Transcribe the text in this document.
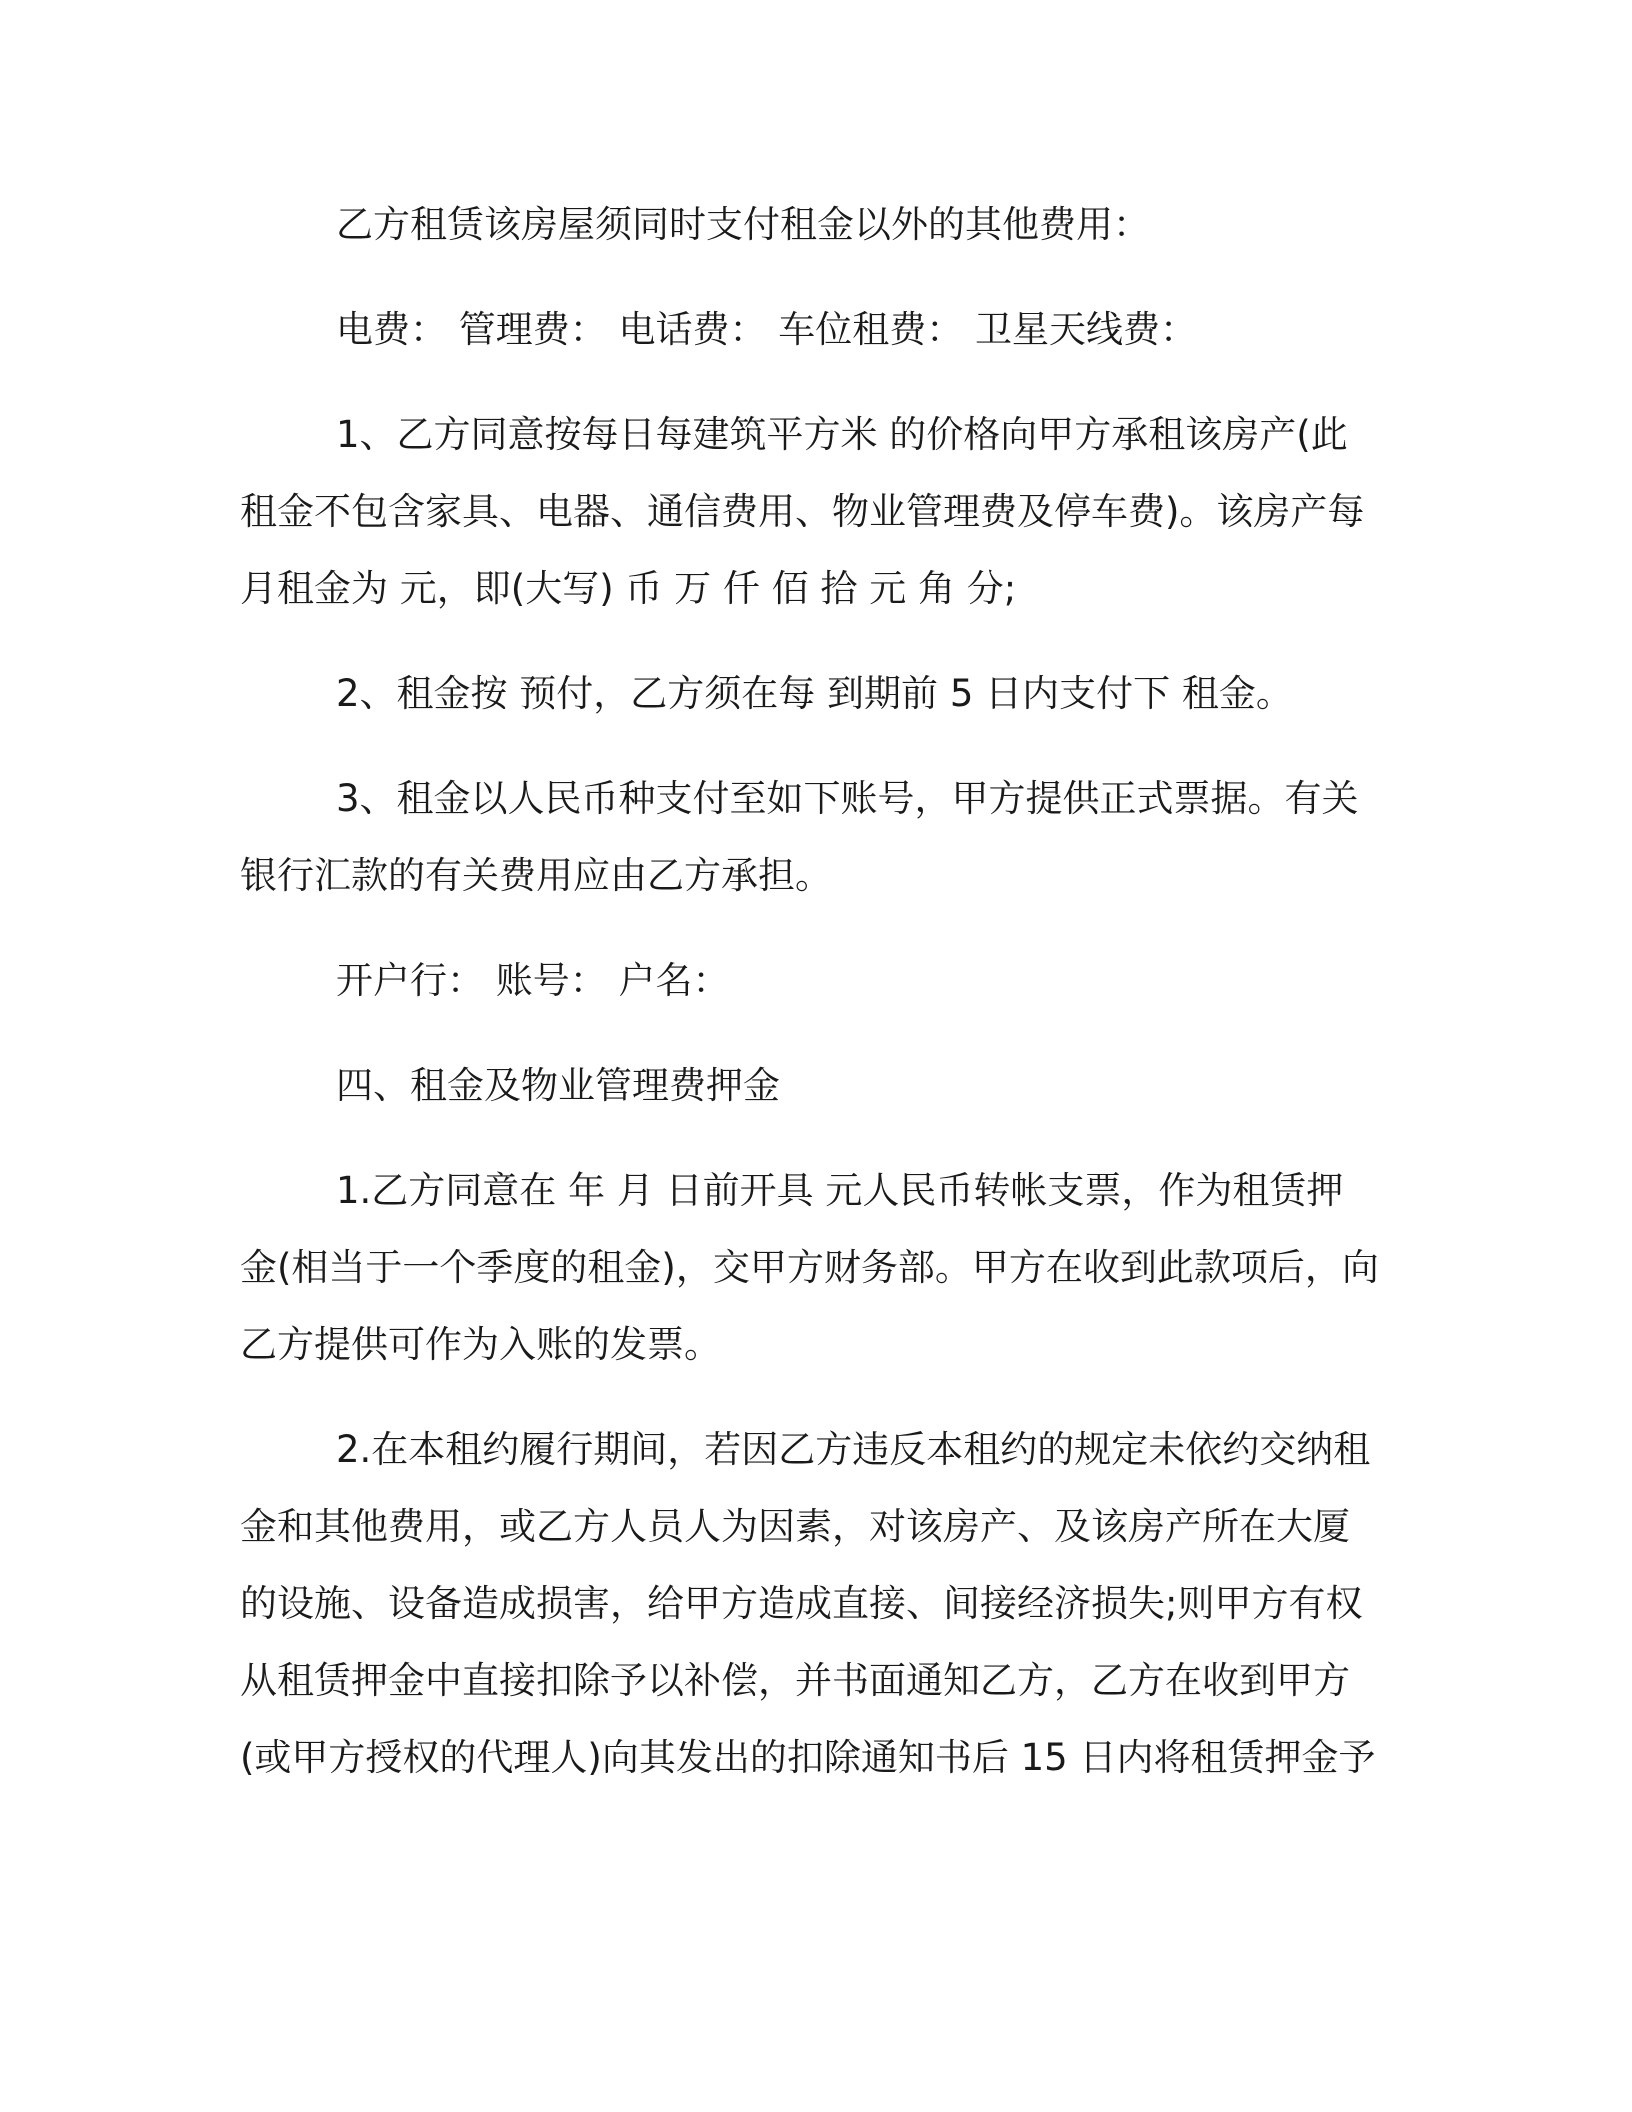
乙方租赁该房屋须同时支付租金以外的其他费用：

电费： 管理费： 电话费： 车位租费： 卫星天线费：

1、乙方同意按每日每建筑平方米 的价格向甲方承租该房产(此租金不包含家具、电器、通信费用、物业管理费及停车费)。该房产每月租金为 元，即(大写) 币 万 仟 佰 拾 元 角 分;

2、租金按 预付，乙方须在每 到期前 5 日内支付下 租金。

3、租金以人民币种支付至如下账号，甲方提供正式票据。有关银行汇款的有关费用应由乙方承担。

开户行： 账号： 户名：

四、租金及物业管理费押金

1.乙方同意在 年 月 日前开具 元人民币转帐支票，作为租赁押金(相当于一个季度的租金)，交甲方财务部。甲方在收到此款项后，向乙方提供可作为入账的发票。

2.在本租约履行期间，若因乙方违反本租约的规定未依约交纳租金和其他费用，或乙方人员人为因素，对该房产、及该房产所在大厦的设施、设备造成损害，给甲方造成直接、间接经济损失;则甲方有权从租赁押金中直接扣除予以补偿，并书面通知乙方，乙方在收到甲方(或甲方授权的代理人)向其发出的扣除通知书后 15 日内将租赁押金予
